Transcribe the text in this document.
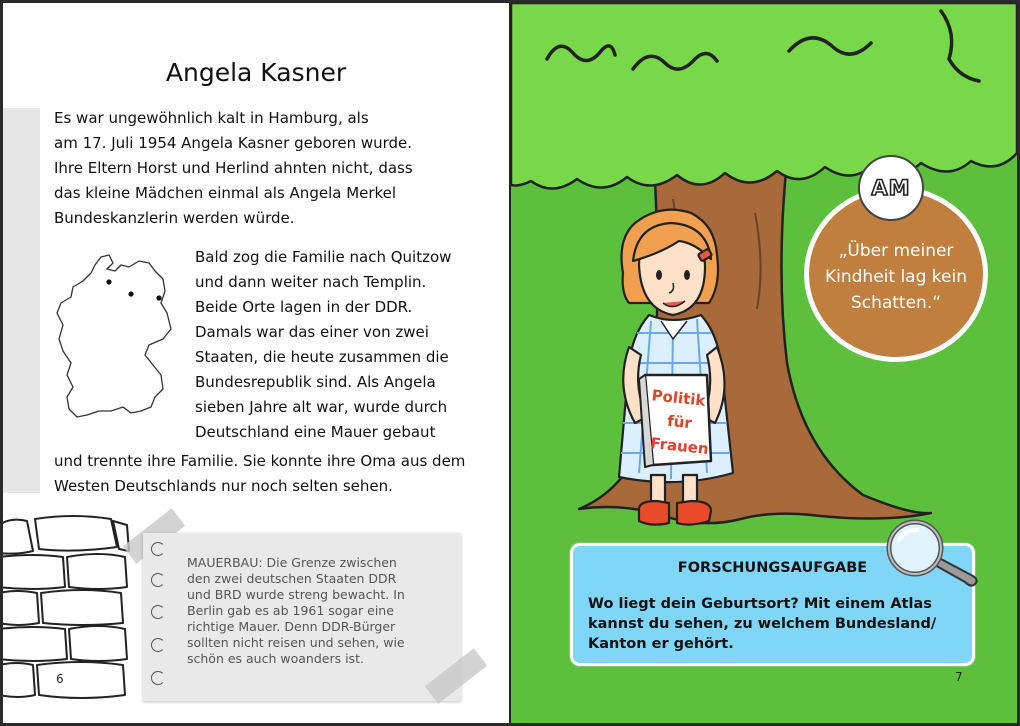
Angela Kasner

Es war ungewöhnlich kalt in Hamburg, als
am 17. Juli 1954 Angela Kasner geboren wurde.
Ihre Eltern Horst und Herlind ahnten nicht, dass
das kleine Mädchen einmal als Angela Merkel
Bundeskanzlerin werden würde.

Bald zog die Familie nach Quitzow
und dann weiter nach Templin.
Beide Orte lagen in der DDR.
Damals war das einer von zwei
Staaten, die heute zusammen die
Bundesrepublik sind. Als Angela
sieben Jahre alt war, wurde durch
Deutschland eine Mauer gebaut

und trennte ihre Familie. Sie konnte ihre Oma aus dem
Westen Deutschlands nur noch selten sehen.

6

MAUERBAU: Die Grenze zwischen
den zwei deutschen Staaten DDR
und BRD wurde streng bewacht. In
Berlin gab es ab 1961 sogar eine
richtige Mauer. Denn DDR-Bürger
sollten nicht reisen und sehen, wie
schön es auch woanders ist.

Politik
für
Frauen

„Über meiner
Kindheit lag kein
Schatten.“

AM
FORSCHUNGSAUFGABE

Wo liegt dein Geburtsort? Mit einem Atlas
kannst du sehen, zu welchem Bundesland/
Kanton er gehört.

7
